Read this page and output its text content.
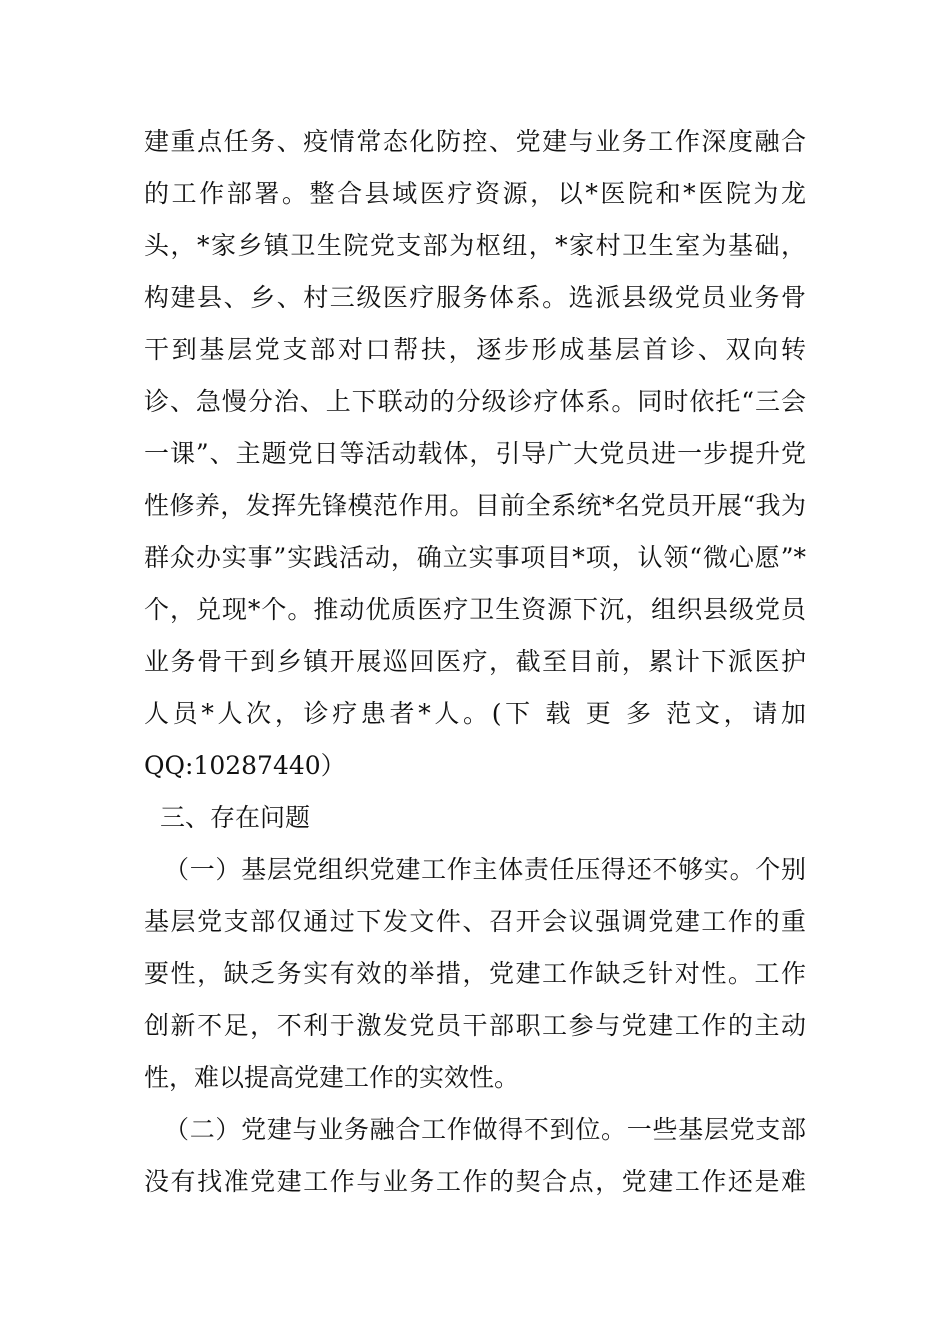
建重点任务、疫情常态化防控、党建与业务工作深度融合
的工作部署。整合县域医疗资源，以*医院和*医院为龙
头，*家乡镇卫生院党支部为枢纽，*家村卫生室为基础，
构建县、乡、村三级医疗服务体系。选派县级党员业务骨
干到基层党支部对口帮扶，逐步形成基层首诊、双向转
诊、急慢分治、上下联动的分级诊疗体系。同时依托“三会
一课”、主题党日等活动载体，引导广大党员进一步提升党
性修养，发挥先锋模范作用。目前全系统*名党员开展“我为
群众办实事”实践活动，确立实事项目*项，认领“微心愿”*
个，兑现*个。推动优质医疗卫生资源下沉，组织县级党员
业务骨干到乡镇开展巡回医疗，截至目前，累计下派医护
人员*人次，诊疗患者*人。(下 载 更 多 范文，请加
QQ:10287440）
三、存在问题
（一）基层党组织党建工作主体责任压得还不够实。个别
基层党支部仅通过下发文件、召开会议强调党建工作的重
要性，缺乏务实有效的举措，党建工作缺乏针对性。工作
创新不足，不利于激发党员干部职工参与党建工作的主动
性，难以提高党建工作的实效性。
（二）党建与业务融合工作做得不到位。一些基层党支部
没有找准党建工作与业务工作的契合点，党建工作还是难
